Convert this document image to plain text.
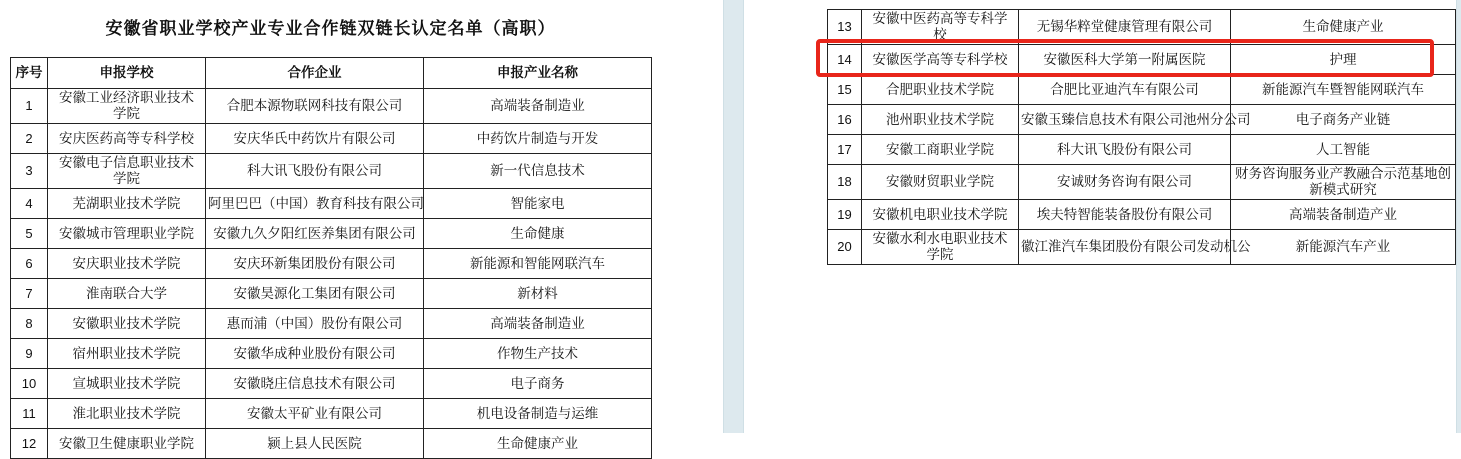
安徽省职业学校产业专业合作链双链长认定名单（高职）
序号	申报学校	合作企业	申报产业名称
1	安徽工业经济职业技术学院	合肥本源物联网科技有限公司	高端装备制造业
2	安庆医药高等专科学校	安庆华氏中药饮片有限公司	中药饮片制造与开发
3	安徽电子信息职业技术学院	科大讯飞股份有限公司	新一代信息技术
4	芜湖职业技术学院	阿里巴巴（中国）教育科技有限公司	智能家电
5	安徽城市管理职业学院	安徽九久夕阳红医养集团有限公司	生命健康
6	安庆职业技术学院	安庆环新集团股份有限公司	新能源和智能网联汽车
7	淮南联合大学	安徽昊源化工集团有限公司	新材料
8	安徽职业技术学院	惠而浦（中国）股份有限公司	高端装备制造业
9	宿州职业技术学院	安徽华成种业股份有限公司	作物生产技术
10	宣城职业技术学院	安徽晓庄信息技术有限公司	电子商务
11	淮北职业技术学院	安徽太平矿业有限公司	机电设备制造与运维
12	安徽卫生健康职业学院	颍上县人民医院	生命健康产业
13	安徽中医药高等专科学校	无锡华粹堂健康管理有限公司	生命健康产业
14	安徽医学高等专科学校	安徽医科大学第一附属医院	护理
15	合肥职业技术学院	合肥比亚迪汽车有限公司	新能源汽车暨智能网联汽车
16	池州职业技术学院	安徽玉臻信息技术有限公司池州分公司	电子商务产业链
17	安徽工商职业学院	科大讯飞股份有限公司	人工智能
18	安徽财贸职业学院	安诚财务咨询有限公司	财务咨询服务业产教融合示范基地创新模式研究
19	安徽机电职业技术学院	埃夫特智能装备股份有限公司	高端装备制造产业
20	安徽水利水电职业技术学院	徽江淮汽车集团股份有限公司发动机公	新能源汽车产业
